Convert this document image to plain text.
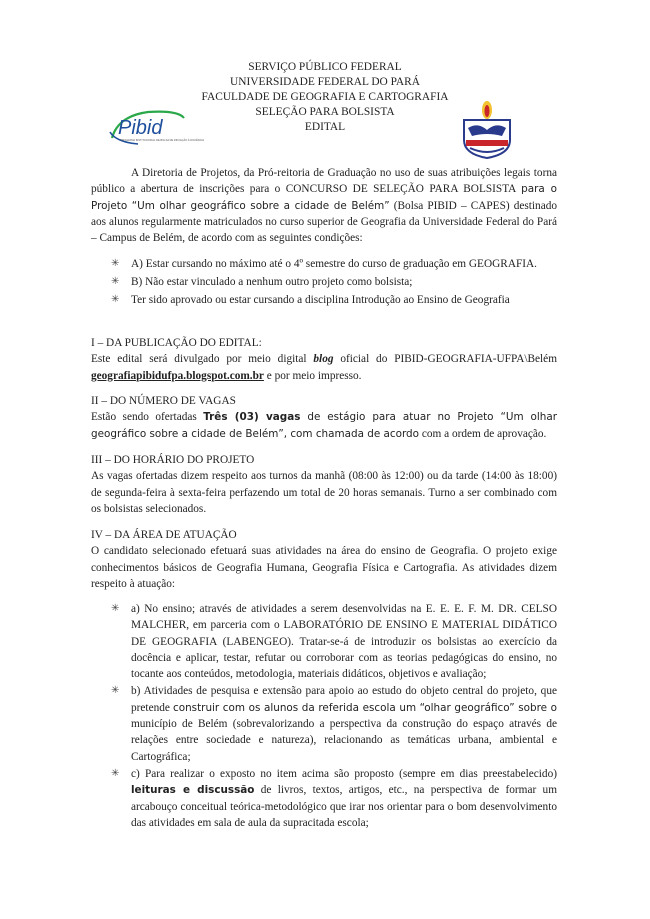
SERVIÇO PÚBLICO FEDERAL
UNIVERSIDADE FEDERAL DO PARÁ
FACULDADE DE GEOGRAFIA E CARTOGRAFIA
SELEÇÃO PARA BOLSISTA
EDITAL
Pibid
PROGRAMA INSTITUCIONAL DE BOLSA DE INICIAÇÃO À DOCÊNCIA

A Diretoria de Projetos, da Pró-reitoria de Graduação no uso de suas atribuições legais torna público a abertura de inscrições para o CONCURSO DE SELEÇÃO PARA BOLSISTA para o Projeto “Um olhar geográfico sobre a cidade de Belém” (Bolsa PIBID – CAPES) destinado aos alunos regularmente matriculados no curso superior de Geografia da Universidade Federal do Pará – Campus de Belém, de acordo com as seguintes condições:

✳ A) Estar cursando no máximo até o 4º semestre do curso de graduação em GEOGRAFIA.
✳ B) Não estar vinculado a nenhum outro projeto como bolsista;
✳ Ter sido aprovado ou estar cursando a disciplina Introdução ao Ensino de Geografia

I – DA PUBLICAÇÃO DO EDITAL:

Este edital será divulgado por meio digital blog oficial do PIBID-GEOGRAFIA-UFPA\Belém geografiapibidufpa.blogspot.com.br e por meio impresso.

II – DO NÚMERO DE VAGAS

Estão sendo ofertadas Três (03) vagas de estágio para atuar no Projeto “Um olhar geográfico sobre a cidade de Belém”, com chamada de acordo com a ordem de aprovação.

III – DO HORÁRIO DO PROJETO

As vagas ofertadas dizem respeito aos turnos da manhã (08:00 às 12:00) ou da tarde (14:00 às 18:00) de segunda-feira à sexta-feira perfazendo um total de 20 horas semanais. Turno a ser combinado com os bolsistas selecionados.

IV – DA ÁREA DE ATUAÇÃO

O candidato selecionado efetuará suas atividades na área do ensino de Geografia. O projeto exige conhecimentos básicos de Geografia Humana, Geografia Física e Cartografia. As atividades dizem respeito à atuação:

✳ a) No ensino; através de atividades a serem desenvolvidas na E. E. E. F. M. DR. CELSO MALCHER, em parceria com o LABORATÓRIO DE ENSINO E MATERIAL DIDÁTICO DE GEOGRAFIA (LABENGEO). Tratar-se-á de introduzir os bolsistas ao exercício da docência e aplicar, testar, refutar ou corroborar com as teorias pedagógicas do ensino, no tocante aos conteúdos, metodologia, materiais didáticos, objetivos e avaliação;
✳ b) Atividades de pesquisa e extensão para apoio ao estudo do objeto central do projeto, que pretende construir com os alunos da referida escola um “olhar geográfico” sobre o município de Belém (sobrevalorizando a perspectiva da construção do espaço através de relações entre sociedade e natureza), relacionando as temáticas urbana, ambiental e Cartográfica;
✳ c) Para realizar o exposto no item acima são proposto (sempre em dias preestabelecido) leituras e discussão de livros, textos, artigos, etc., na perspectiva de formar um arcabouço conceitual teórica-metodológico que irar nos orientar para o bom desenvolvimento das atividades em sala de aula da supracitada escola;
